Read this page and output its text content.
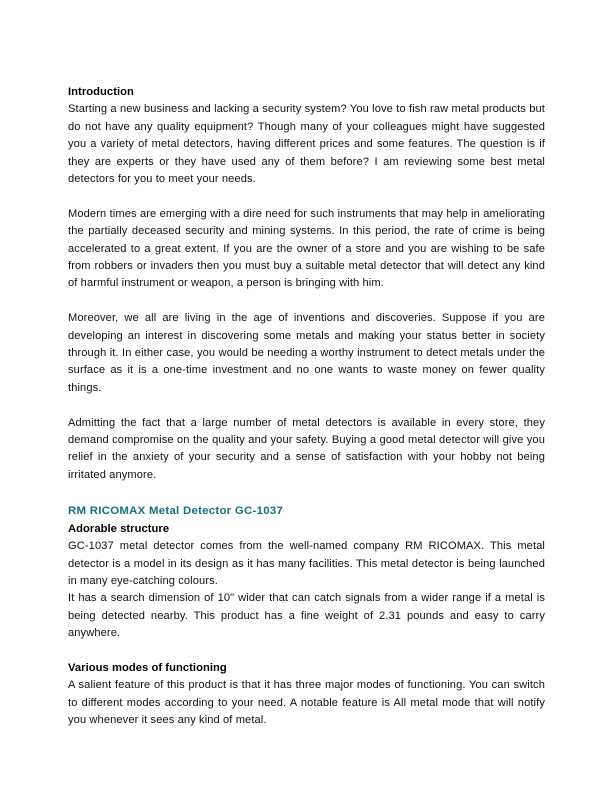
Introduction

Starting a new business and lacking a security system? You love to fish raw metal products but do not have any quality equipment? Though many of your colleagues might have suggested you a variety of metal detectors, having different prices and some features. The question is if they are experts or they have used any of them before? I am reviewing some best metal detectors for you to meet your needs.

Modern times are emerging with a dire need for such instruments that may help in ameliorating the partially deceased security and mining systems. In this period, the rate of crime is being accelerated to a great extent. If you are the owner of a store and you are wishing to be safe from robbers or invaders then you must buy a suitable metal detector that will detect any kind of harmful instrument or weapon, a person is bringing with him.

Moreover, we all are living in the age of inventions and discoveries. Suppose if you are developing an interest in discovering some metals and making your status better in society through it. In either case, you would be needing a worthy instrument to detect metals under the surface as it is a one-time investment and no one wants to waste money on fewer quality things.

Admitting the fact that a large number of metal detectors is available in every store, they demand compromise on the quality and your safety. Buying a good metal detector will give you relief in the anxiety of your security and a sense of satisfaction with your hobby not being irritated anymore.

RM RICOMAX Metal Detector GC-1037
Adorable structure

GC-1037 metal detector comes from the well-named company RM RICOMAX. This metal detector is a model in its design as it has many facilities. This metal detector is being launched in many eye-catching colours.

It has a search dimension of 10" wider that can catch signals from a wider range if a metal is being detected nearby. This product has a fine weight of 2.31 pounds and easy to carry anywhere.

Various modes of functioning

A salient feature of this product is that it has three major modes of functioning. You can switch to different modes according to your need. A notable feature is All metal mode that will notify you whenever it sees any kind of metal.
